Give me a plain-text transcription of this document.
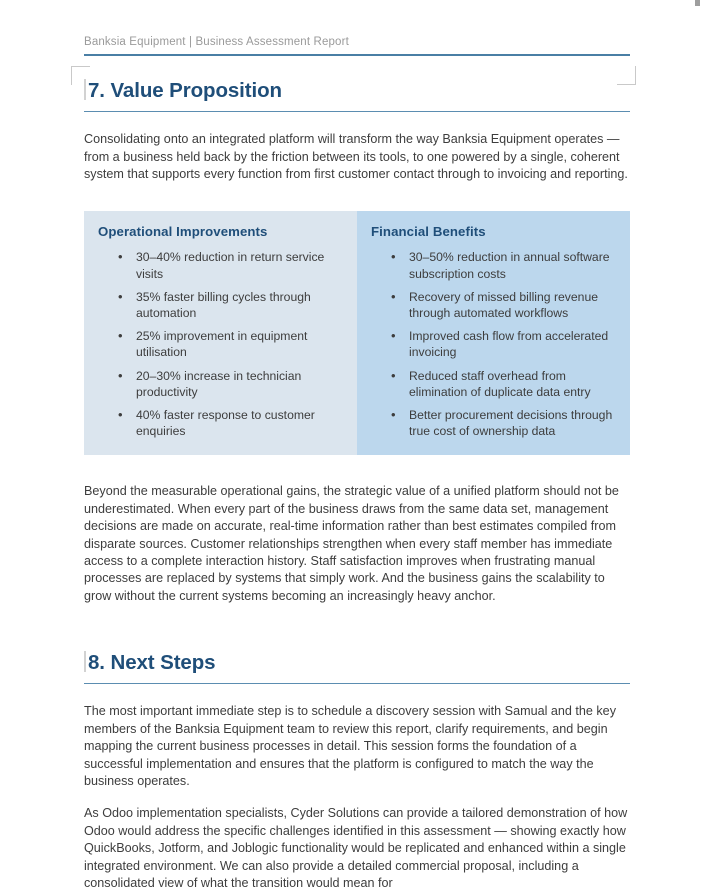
Banksia Equipment | Business Assessment Report
7. Value Proposition

Consolidating onto an integrated platform will transform the way Banksia Equipment operates — from a business held back by the friction between its tools, to one powered by a single, coherent system that supports every function from first customer contact through to invoicing and reporting.

Operational Improvements
• 30–40% reduction in return service visits
• 35% faster billing cycles through automation
• 25% improvement in equipment utilisation
• 20–30% increase in technician productivity
• 40% faster response to customer enquiries
Financial Benefits
• 30–50% reduction in annual software subscription costs
• Recovery of missed billing revenue through automated workflows
• Improved cash flow from accelerated invoicing
• Reduced staff overhead from elimination of duplicate data entry
• Better procurement decisions through true cost of ownership data

Beyond the measurable operational gains, the strategic value of a unified platform should not be underestimated. When every part of the business draws from the same data set, management decisions are made on accurate, real-time information rather than best estimates compiled from disparate sources. Customer relationships strengthen when every staff member has immediate access to a complete interaction history. Staff satisfaction improves when frustrating manual processes are replaced by systems that simply work. And the business gains the scalability to grow without the current systems becoming an increasingly heavy anchor.

8. Next Steps

The most important immediate step is to schedule a discovery session with Samual and the key members of the Banksia Equipment team to review this report, clarify requirements, and begin mapping the current business processes in detail. This session forms the foundation of a successful implementation and ensures that the platform is configured to match the way the business operates.

As Odoo implementation specialists, Cyder Solutions can provide a tailored demonstration of how Odoo would address the specific challenges identified in this assessment — showing exactly how QuickBooks, Jotform, and Joblogic functionality would be replicated and enhanced within a single integrated environment. We can also provide a detailed commercial proposal, including a consolidated view of what the transition would mean for
